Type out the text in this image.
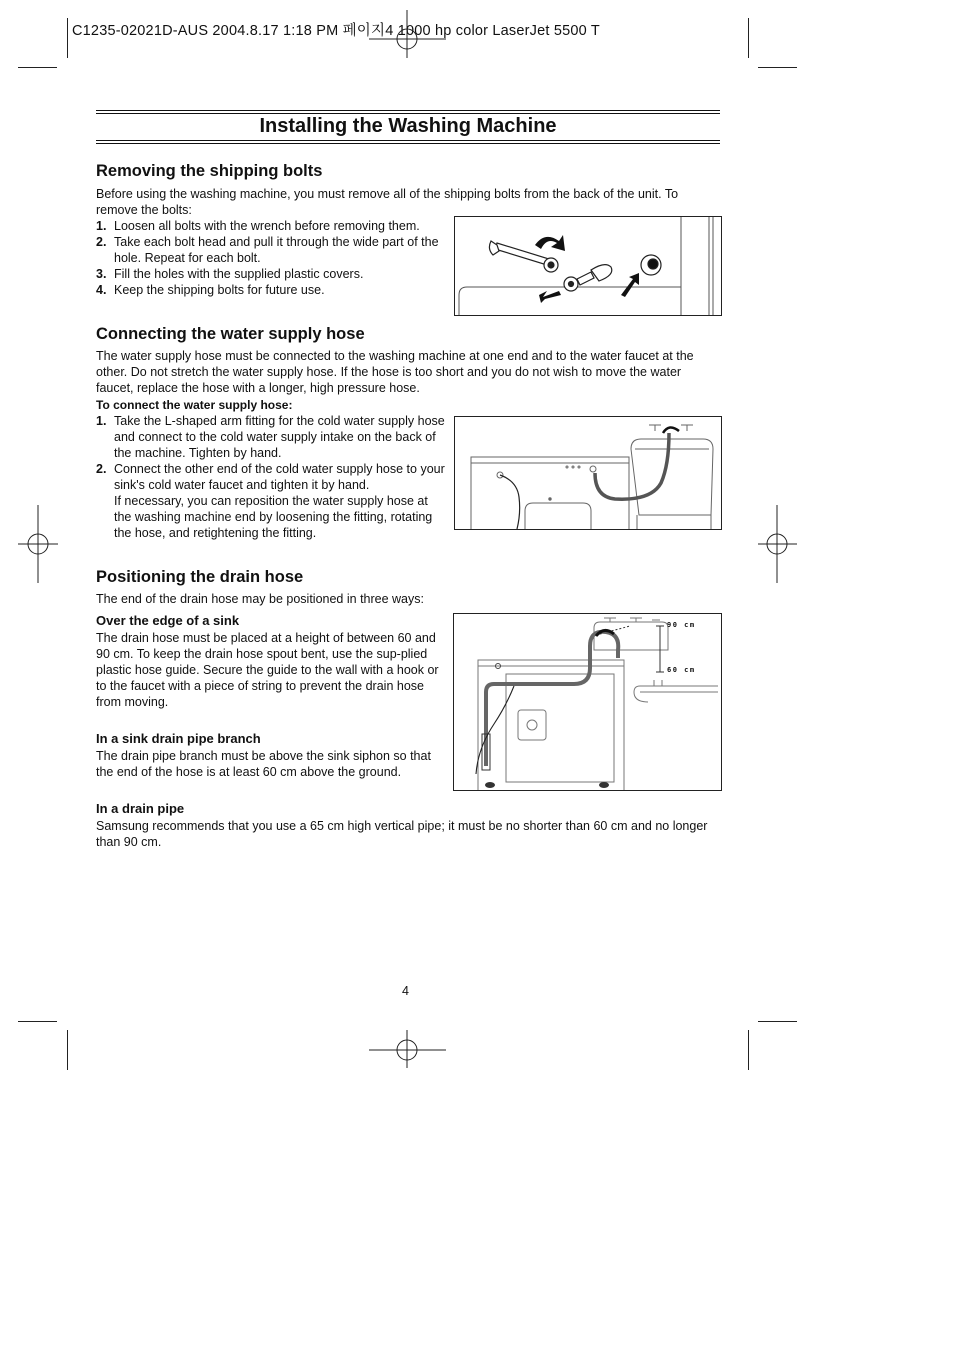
C1235-02021D-AUS 2004.8.17 1:18 PM 페이지4 1000 hp color LaserJet 5500 T
Installing the Washing Machine
Removing the shipping bolts

Before using the washing machine, you must remove all of the shipping bolts from the back of the unit. To remove the bolts:

1. Loosen all bolts with the wrench before removing them.
2. Take each bolt head and pull it through the wide part of the hole. Repeat for each bolt.
3. Fill the holes with the supplied plastic covers.
4. Keep the shipping bolts for future use.
Connecting the water supply hose

The water supply hose must be connected to the washing machine at one end and to the water faucet at the other. Do not stretch the water supply hose. If the hose is too short and you do not wish to move the water faucet, replace the hose with a longer, high pressure hose.

To connect the water supply hose:

1. Take the L-shaped arm fitting for the cold water supply hose and connect to the cold water supply intake on the back of the machine. Tighten by hand.
2. Connect the other end of the cold water supply hose to your sink's cold water faucet and tighten it by hand.
If necessary, you can reposition the water supply hose at the washing machine end by loosening the fitting, rotating the hose, and retightening the fitting.
Positioning the drain hose

The end of the drain hose may be positioned in three ways:

Over the edge of a sink

The drain hose must be placed at a height of between 60 and 90 cm. To keep the drain hose spout bent, use the sup-plied plastic hose guide. Secure the guide to the wall with a hook or to the faucet with a piece of string to prevent the drain hose from moving.

In a sink drain pipe branch

The drain pipe branch must be above the sink siphon so that the end of the hose is at least 60 cm above the ground.

90 cm
60 cm
In a drain pipe

Samsung recommends that you use a 65 cm high vertical pipe; it must be no shorter than 60 cm and no longer than 90 cm.

4
